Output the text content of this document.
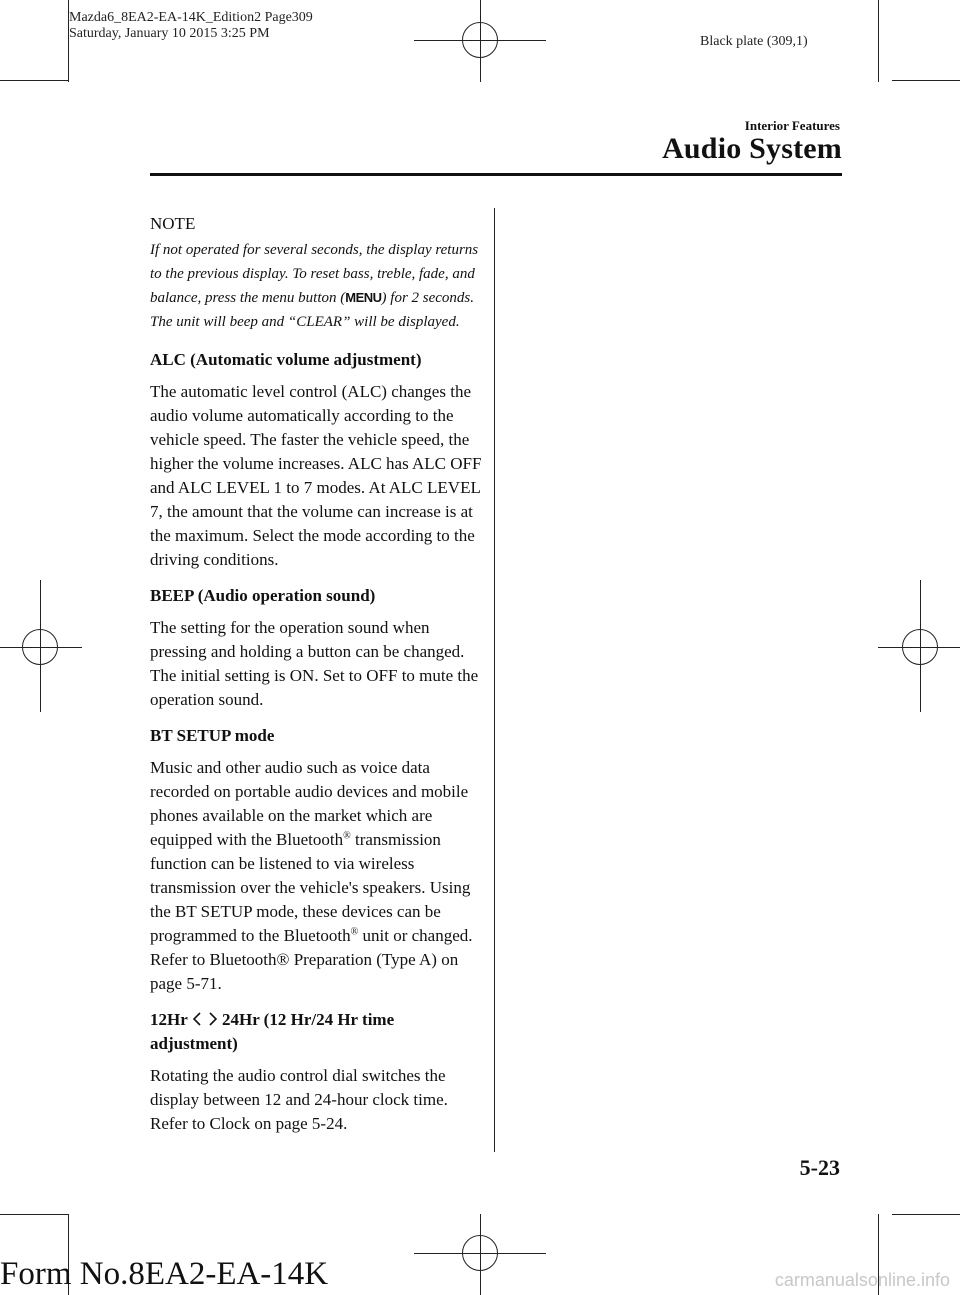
Mazda6_8EA2-EA-14K_Edition2 Page309
Saturday, January 10 2015 3:25 PM
Black plate (309,1)
Interior Features
Audio System
NOTE
If not operated for several seconds, the display returns to the previous display. To reset bass, treble, fade, and balance, press the menu button (MENU) for 2 seconds. The unit will beep and “CLEAR” will be displayed.
ALC (Automatic volume adjustment)
The automatic level control (ALC) changes the audio volume automatically according to the vehicle speed. The faster the vehicle speed, the higher the volume increases. ALC has ALC OFF and ALC LEVEL 1 to 7 modes. At ALC LEVEL 7, the amount that the volume can increase is at the maximum. Select the mode according to the driving conditions.
BEEP (Audio operation sound)
The setting for the operation sound when pressing and holding a button can be changed. The initial setting is ON. Set to OFF to mute the operation sound.
BT SETUP mode
Music and other audio such as voice data recorded on portable audio devices and mobile phones available on the market which are equipped with the Bluetooth® transmission function can be listened to via wireless transmission over the vehicle's speakers. Using the BT SETUP mode, these devices can be programmed to the Bluetooth® unit or changed.
Refer to Bluetooth® Preparation (Type A) on page 5-71.
12Hr 24Hr (12 Hr/24 Hr time adjustment)
Rotating the audio control dial switches the display between 12 and 24-hour clock time.
Refer to Clock on page 5-24.
5-23
Form No.8EA2-EA-14K	carmanualsonline.info
